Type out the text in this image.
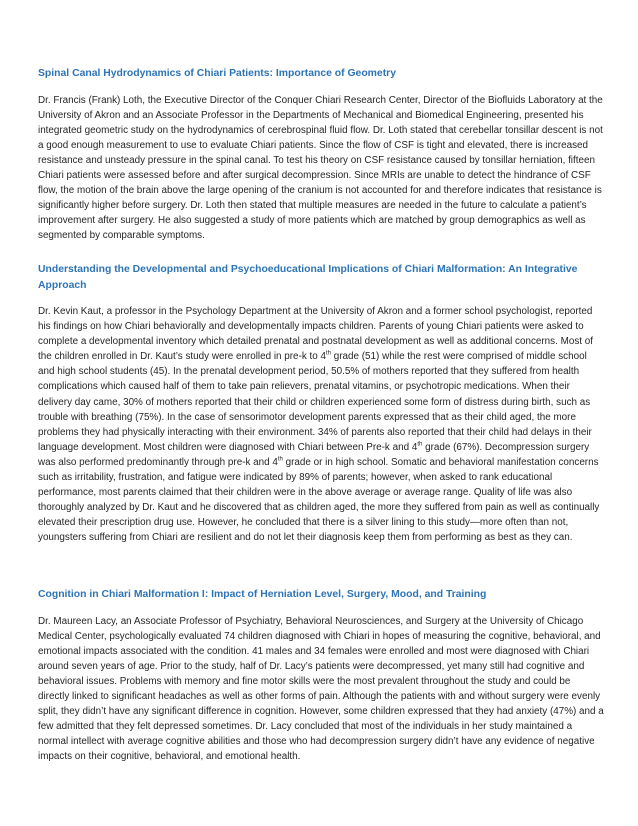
Spinal Canal Hydrodynamics of Chiari Patients: Importance of Geometry

Dr. Francis (Frank) Loth, the Executive Director of the Conquer Chiari Research Center, Director of the Biofluids Laboratory at the University of Akron and an Associate Professor in the Departments of Mechanical and Biomedical Engineering, presented his integrated geometric study on the hydrodynamics of cerebrospinal fluid flow. Dr. Loth stated that cerebellar tonsillar descent is not a good enough measurement to use to evaluate Chiari patients. Since the flow of CSF is tight and elevated, there is increased resistance and unsteady pressure in the spinal canal. To test his theory on CSF resistance caused by tonsillar herniation, fifteen Chiari patients were assessed before and after surgical decompression. Since MRIs are unable to detect the hindrance of CSF flow, the motion of the brain above the large opening of the cranium is not accounted for and therefore indicates that resistance is significantly higher before surgery. Dr. Loth then stated that multiple measures are needed in the future to calculate a patient’s improvement after surgery. He also suggested a study of more patients which are matched by group demographics as well as segmented by comparable symptoms.

Understanding the Developmental and Psychoeducational Implications of Chiari Malformation: An Integrative Approach

Dr. Kevin Kaut, a professor in the Psychology Department at the University of Akron and a former school psychologist, reported his findings on how Chiari behaviorally and developmentally impacts children. Parents of young Chiari patients were asked to complete a developmental inventory which detailed prenatal and postnatal development as well as additional concerns. Most of the children enrolled in Dr. Kaut’s study were enrolled in pre-k to 4th grade (51) while the rest were comprised of middle school and high school students (45). In the prenatal development period, 50.5% of mothers reported that they suffered from health complications which caused half of them to take pain relievers, prenatal vitamins, or psychotropic medications. When their delivery day came, 30% of mothers reported that their child or children experienced some form of distress during birth, such as trouble with breathing (75%). In the case of sensorimotor development parents expressed that as their child aged, the more problems they had physically interacting with their environment. 34% of parents also reported that their child had delays in their language development. Most children were diagnosed with Chiari between Pre-k and 4th grade (67%). Decompression surgery was also performed predominantly through pre-k and 4th grade or in high school. Somatic and behavioral manifestation concerns such as irritability, frustration, and fatigue were indicated by 89% of parents; however, when asked to rank educational performance, most parents claimed that their children were in the above average or average range. Quality of life was also thoroughly analyzed by Dr. Kaut and he discovered that as children aged, the more they suffered from pain as well as continually elevated their prescription drug use. However, he concluded that there is a silver lining to this study—more often than not, youngsters suffering from Chiari are resilient and do not let their diagnosis keep them from performing as best as they can.

Cognition in Chiari Malformation I: Impact of Herniation Level, Surgery, Mood, and Training

Dr. Maureen Lacy, an Associate Professor of Psychiatry, Behavioral Neurosciences, and Surgery at the University of Chicago Medical Center, psychologically evaluated 74 children diagnosed with Chiari in hopes of measuring the cognitive, behavioral, and emotional impacts associated with the condition. 41 males and 34 females were enrolled and most were diagnosed with Chiari around seven years of age. Prior to the study, half of Dr. Lacy’s patients were decompressed, yet many still had cognitive and behavioral issues. Problems with memory and fine motor skills were the most prevalent throughout the study and could be directly linked to significant headaches as well as other forms of pain. Although the patients with and without surgery were evenly split, they didn’t have any significant difference in cognition. However, some children expressed that they had anxiety (47%) and a few admitted that they felt depressed sometimes. Dr. Lacy concluded that most of the individuals in her study maintained a normal intellect with average cognitive abilities and those who had decompression surgery didn’t have any evidence of negative impacts on their cognitive, behavioral, and emotional health.
